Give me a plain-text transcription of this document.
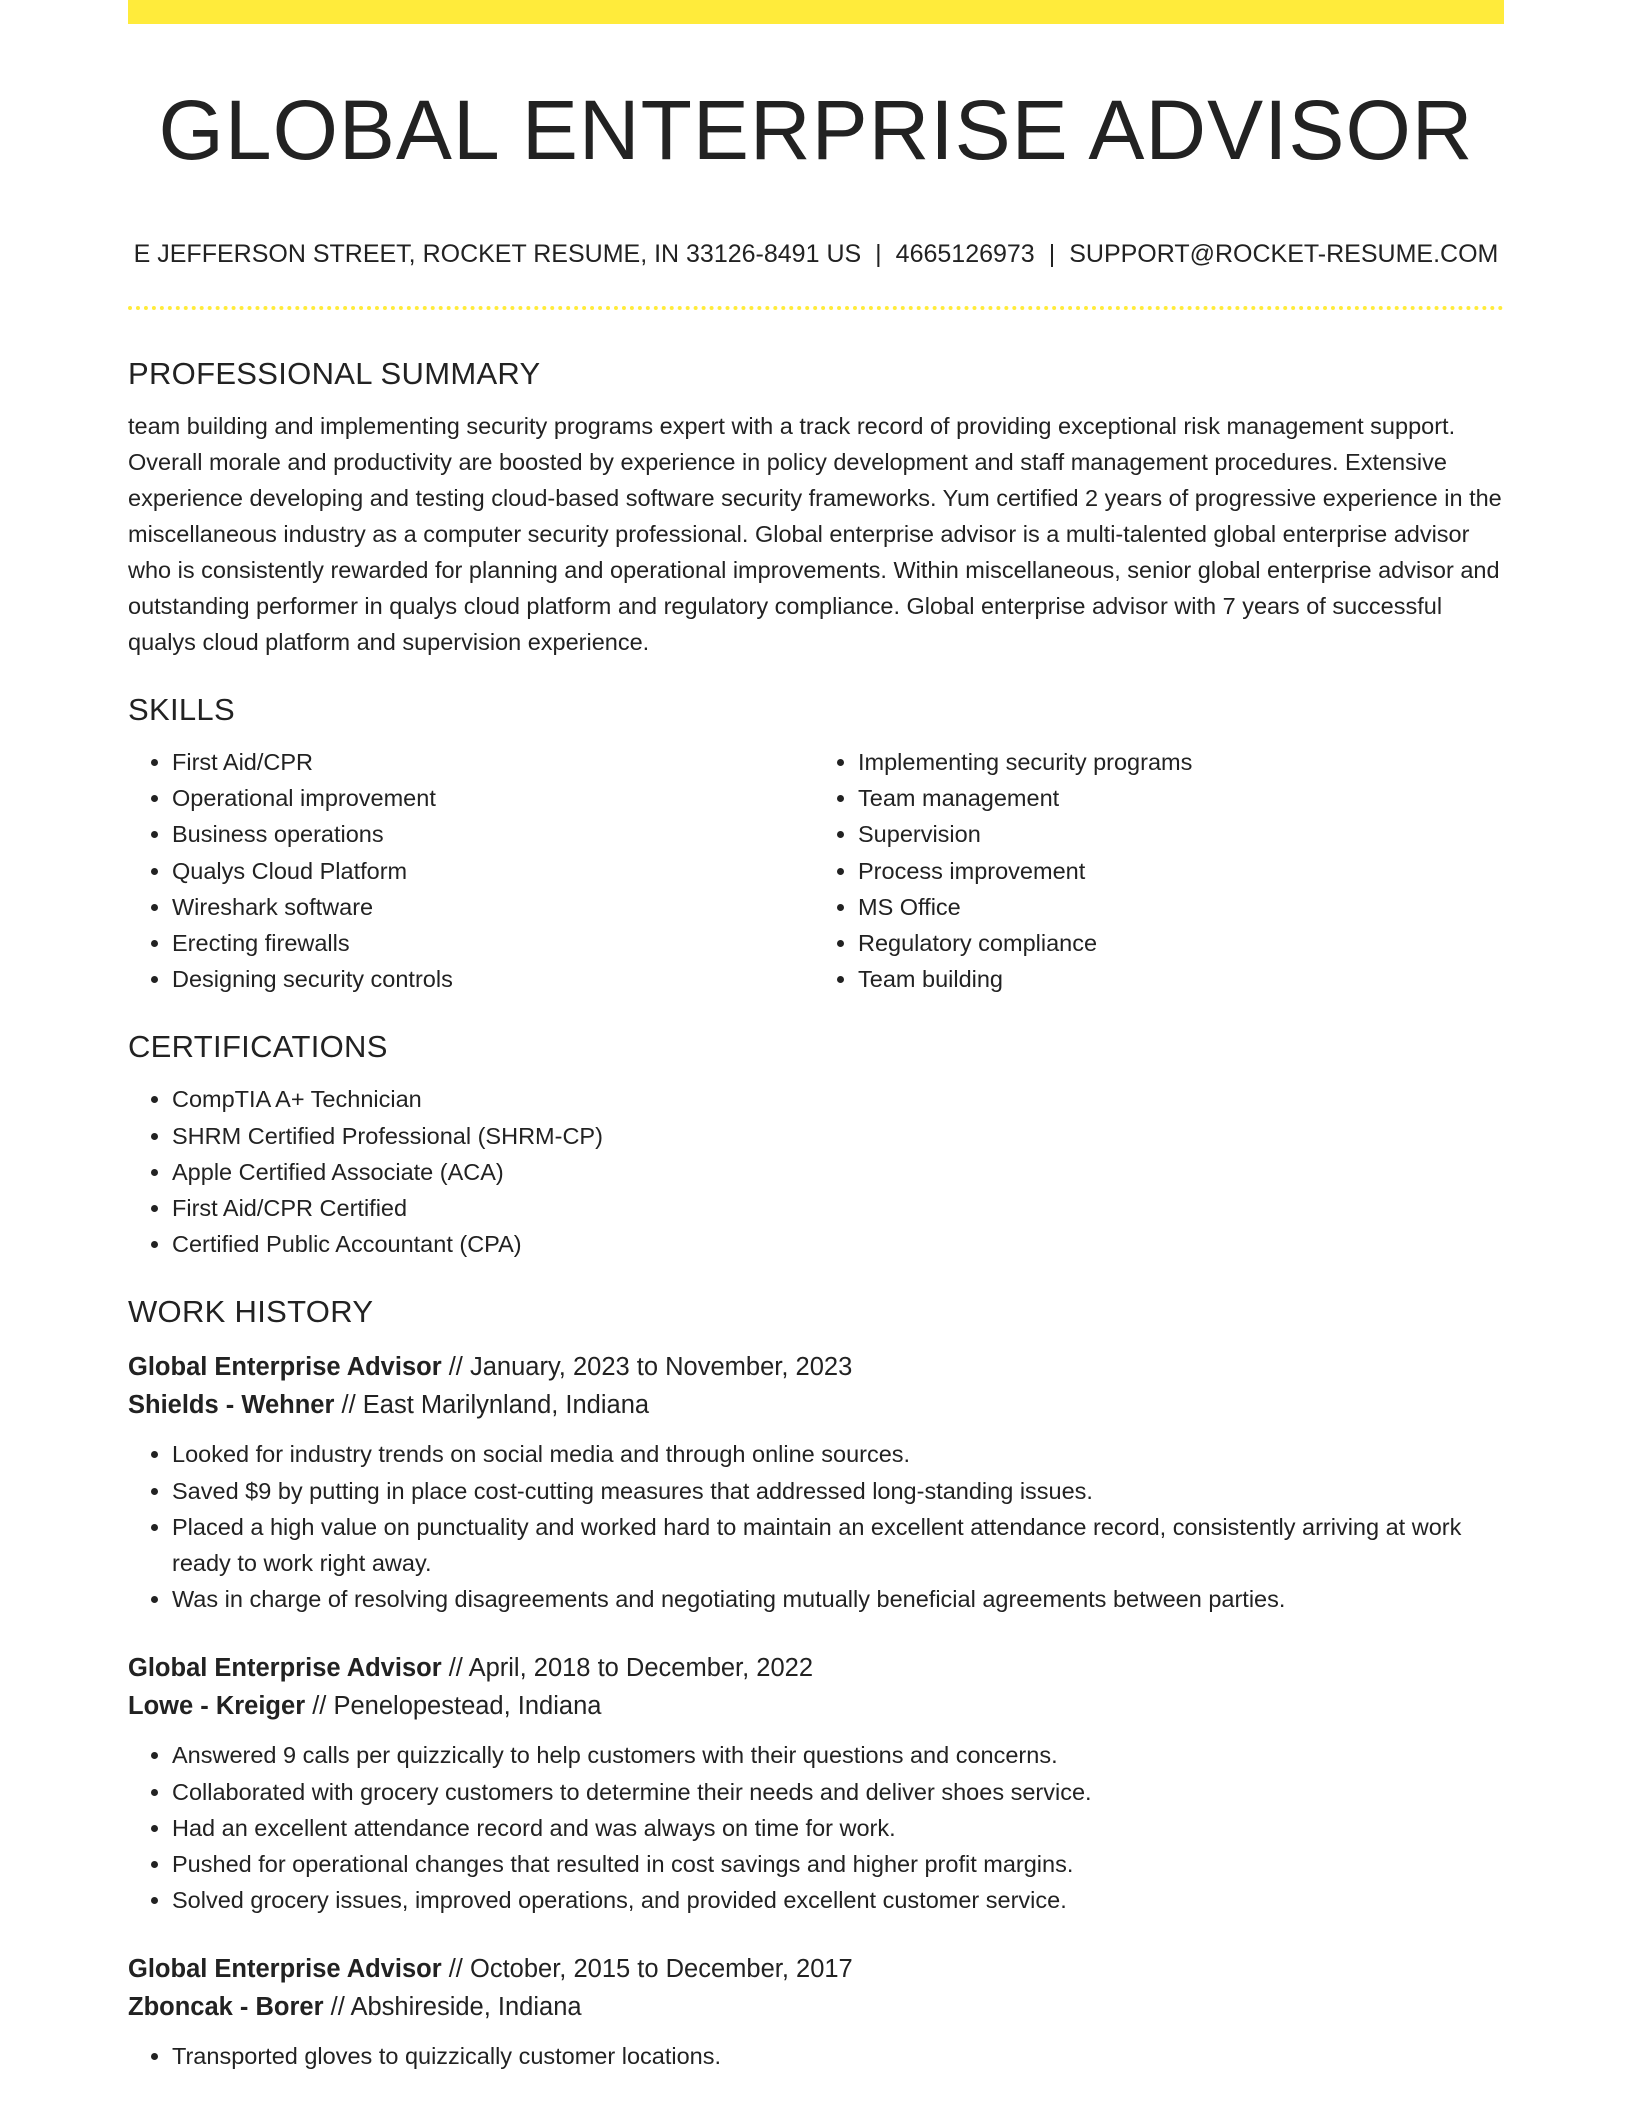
GLOBAL ENTERPRISE ADVISOR
E JEFFERSON STREET, ROCKET RESUME, IN 33126-8491 US | 4665126973 | SUPPORT@ROCKET-RESUME.COM
PROFESSIONAL SUMMARY

team building and implementing security programs expert with a track record of providing exceptional risk management support. Overall morale and productivity are boosted by experience in policy development and staff management procedures. Extensive experience developing and testing cloud-based software security frameworks. Yum certified 2 years of progressive experience in the miscellaneous industry as a computer security professional. Global enterprise advisor is a multi-talented global enterprise advisor who is consistently rewarded for planning and operational improvements. Within miscellaneous, senior global enterprise advisor and outstanding performer in qualys cloud platform and regulatory compliance. Global enterprise advisor with 7 years of successful qualys cloud platform and supervision experience.

SKILLS
• First Aid/CPR
• Operational improvement
• Business operations
• Qualys Cloud Platform
• Wireshark software
• Erecting firewalls
• Designing security controls
• Implementing security programs
• Team management
• Supervision
• Process improvement
• MS Office
• Regulatory compliance
• Team building
CERTIFICATIONS
• CompTIA A+ Technician
• SHRM Certified Professional (SHRM-CP)
• Apple Certified Associate (ACA)
• First Aid/CPR Certified
• Certified Public Accountant (CPA)
WORK HISTORY
Global Enterprise Advisor // January, 2023 to November, 2023
Shields - Wehner // East Marilynland, Indiana
• Looked for industry trends on social media and through online sources.
• Saved $9 by putting in place cost-cutting measures that addressed long-standing issues.
• Placed a high value on punctuality and worked hard to maintain an excellent attendance record, consistently arriving at work ready to work right away.
• Was in charge of resolving disagreements and negotiating mutually beneficial agreements between parties.
Global Enterprise Advisor // April, 2018 to December, 2022
Lowe - Kreiger // Penelopestead, Indiana
• Answered 9 calls per quizzically to help customers with their questions and concerns.
• Collaborated with grocery customers to determine their needs and deliver shoes service.
• Had an excellent attendance record and was always on time for work.
• Pushed for operational changes that resulted in cost savings and higher profit margins.
• Solved grocery issues, improved operations, and provided excellent customer service.
Global Enterprise Advisor // October, 2015 to December, 2017
Zboncak - Borer // Abshireside, Indiana
• Transported gloves to quizzically customer locations.
